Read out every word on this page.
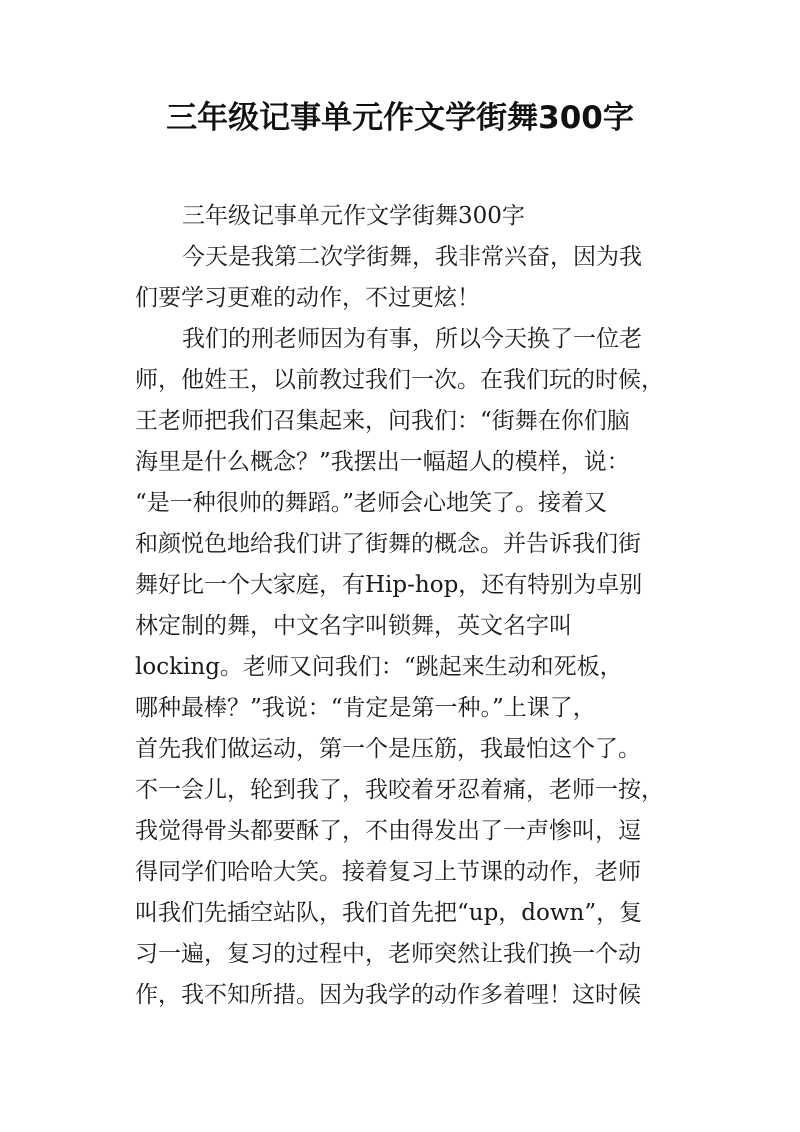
三年级记事单元作文学街舞300字
三年级记事单元作文学街舞300字
今天是我第二次学街舞，我非常兴奋，因为我
们要学习更难的动作，不过更炫！
我们的刑老师因为有事，所以今天换了一位老
师，他姓王，以前教过我们一次。在我们玩的时候，
王老师把我们召集起来，问我们：“街舞在你们脑
海里是什么概念？”我摆出一幅超人的模样，说：
“是一种很帅的舞蹈。”老师会心地笑了。接着又
和颜悦色地给我们讲了街舞的概念。并告诉我们街
舞好比一个大家庭，有Hip-hop，还有特别为卓别
林定制的舞，中文名字叫锁舞，英文名字叫
locking。老师又问我们：“跳起来生动和死板，
哪种最棒？”我说：“肯定是第一种。”上课了，
首先我们做运动，第一个是压筋，我最怕这个了。
不一会儿，轮到我了，我咬着牙忍着痛，老师一按，
我觉得骨头都要酥了，不由得发出了一声惨叫，逗
得同学们哈哈大笑。接着复习上节课的动作，老师
叫我们先插空站队，我们首先把“up，down”，复
习一遍，复习的过程中，老师突然让我们换一个动
作，我不知所措。因为我学的动作多着哩！这时候
